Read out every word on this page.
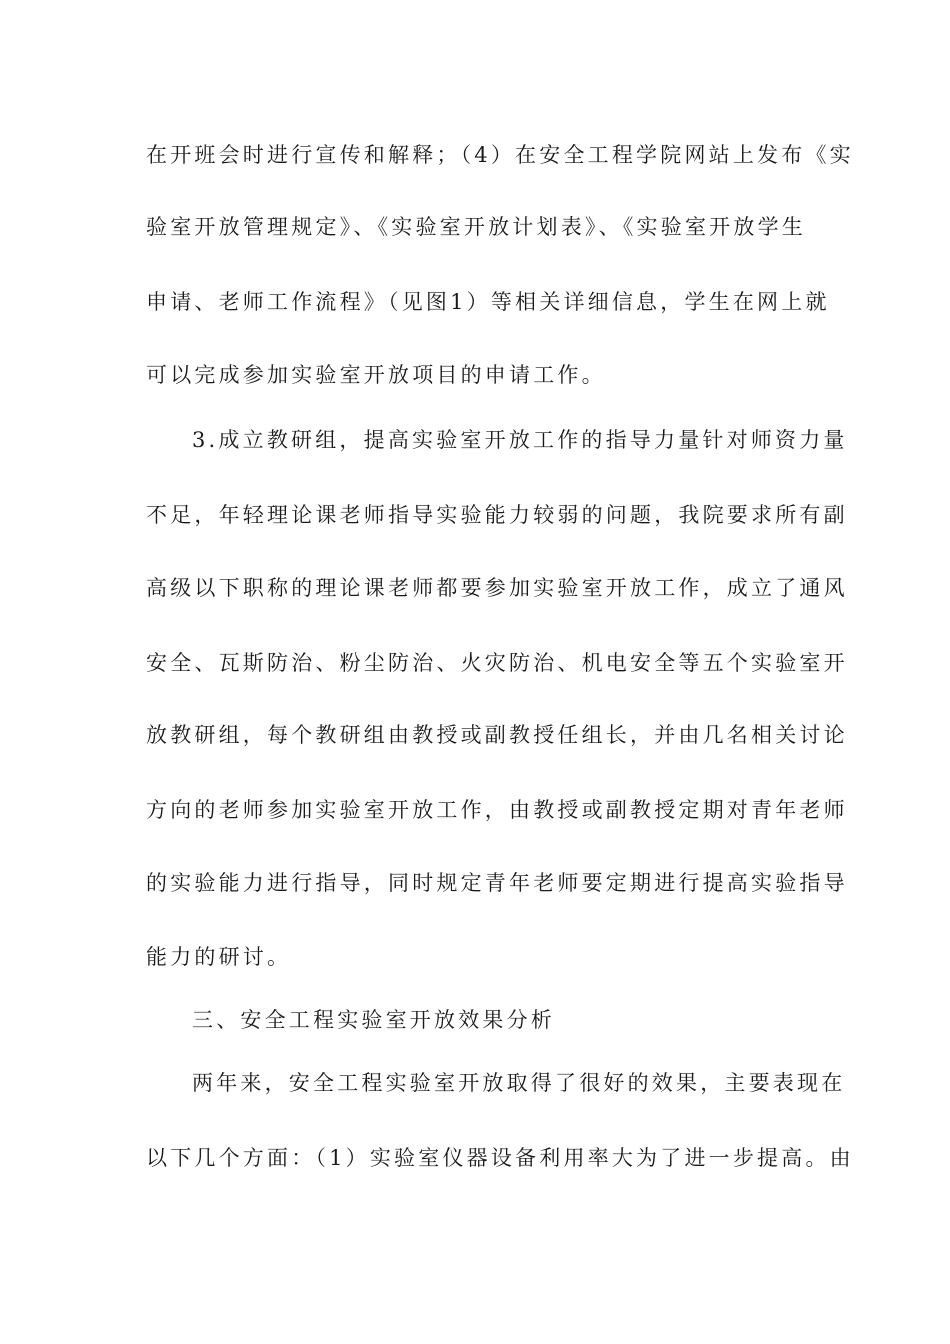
在开班会时进行宣传和解释；（4）在安全工程学院网站上发布《实
验室开放管理规定》、《实验室开放计划表》、《实验室开放学生
申请、老师工作流程》（见图1）等相关详细信息，学生在网上就
可以完成参加实验室开放项目的申请工作。
3.成立教研组，提高实验室开放工作的指导力量针对师资力量
不足，年轻理论课老师指导实验能力较弱的问题，我院要求所有副
高级以下职称的理论课老师都要参加实验室开放工作，成立了通风
安全、瓦斯防治、粉尘防治、火灾防治、机电安全等五个实验室开
放教研组，每个教研组由教授或副教授任组长，并由几名相关讨论
方向的老师参加实验室开放工作，由教授或副教授定期对青年老师
的实验能力进行指导，同时规定青年老师要定期进行提高实验指导
能力的研讨。
三、安全工程实验室开放效果分析
两年来，安全工程实验室开放取得了很好的效果，主要表现在
以下几个方面：（1）实验室仪器设备利用率大为了进一步提高。由
